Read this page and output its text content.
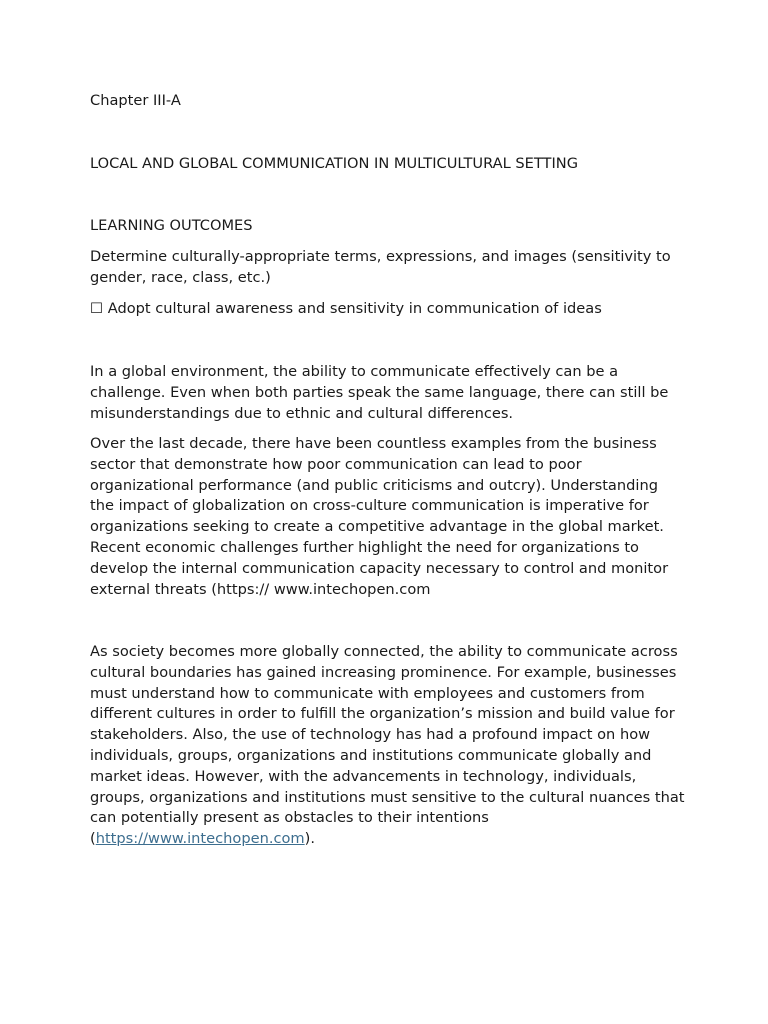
Chapter III-A

LOCAL AND GLOBAL COMMUNICATION IN MULTICULTURAL SETTING

LEARNING OUTCOMES

Determine culturally-appropriate terms, expressions, and images (sensitivity to gender, race, class, etc.)

☐ Adopt cultural awareness and sensitivity in communication of ideas

In a global environment, the ability to communicate effectively can be a challenge. Even when both parties speak the same language, there can still be misunderstandings due to ethnic and cultural differences.

Over the last decade, there have been countless examples from the business sector that demonstrate how poor communication can lead to poor organizational performance (and public criticisms and outcry). Understanding the impact of globalization on cross-culture communication is imperative for organizations seeking to create a competitive advantage in the global market. Recent economic challenges further highlight the need for organizations to develop the internal communication capacity necessary to control and monitor external threats (https:// www.intechopen.com

As society becomes more globally connected, the ability to communicate across cultural boundaries has gained increasing prominence. For example, businesses must understand how to communicate with employees and customers from different cultures in order to fulfill the organization’s mission and build value for stakeholders. Also, the use of technology has had a profound impact on how individuals, groups, organizations and institutions communicate globally and market ideas. However, with the advancements in technology, individuals, groups, organizations and institutions must sensitive to the cultural nuances that can potentially present as obstacles to their intentions (https://www.intechopen.com).
